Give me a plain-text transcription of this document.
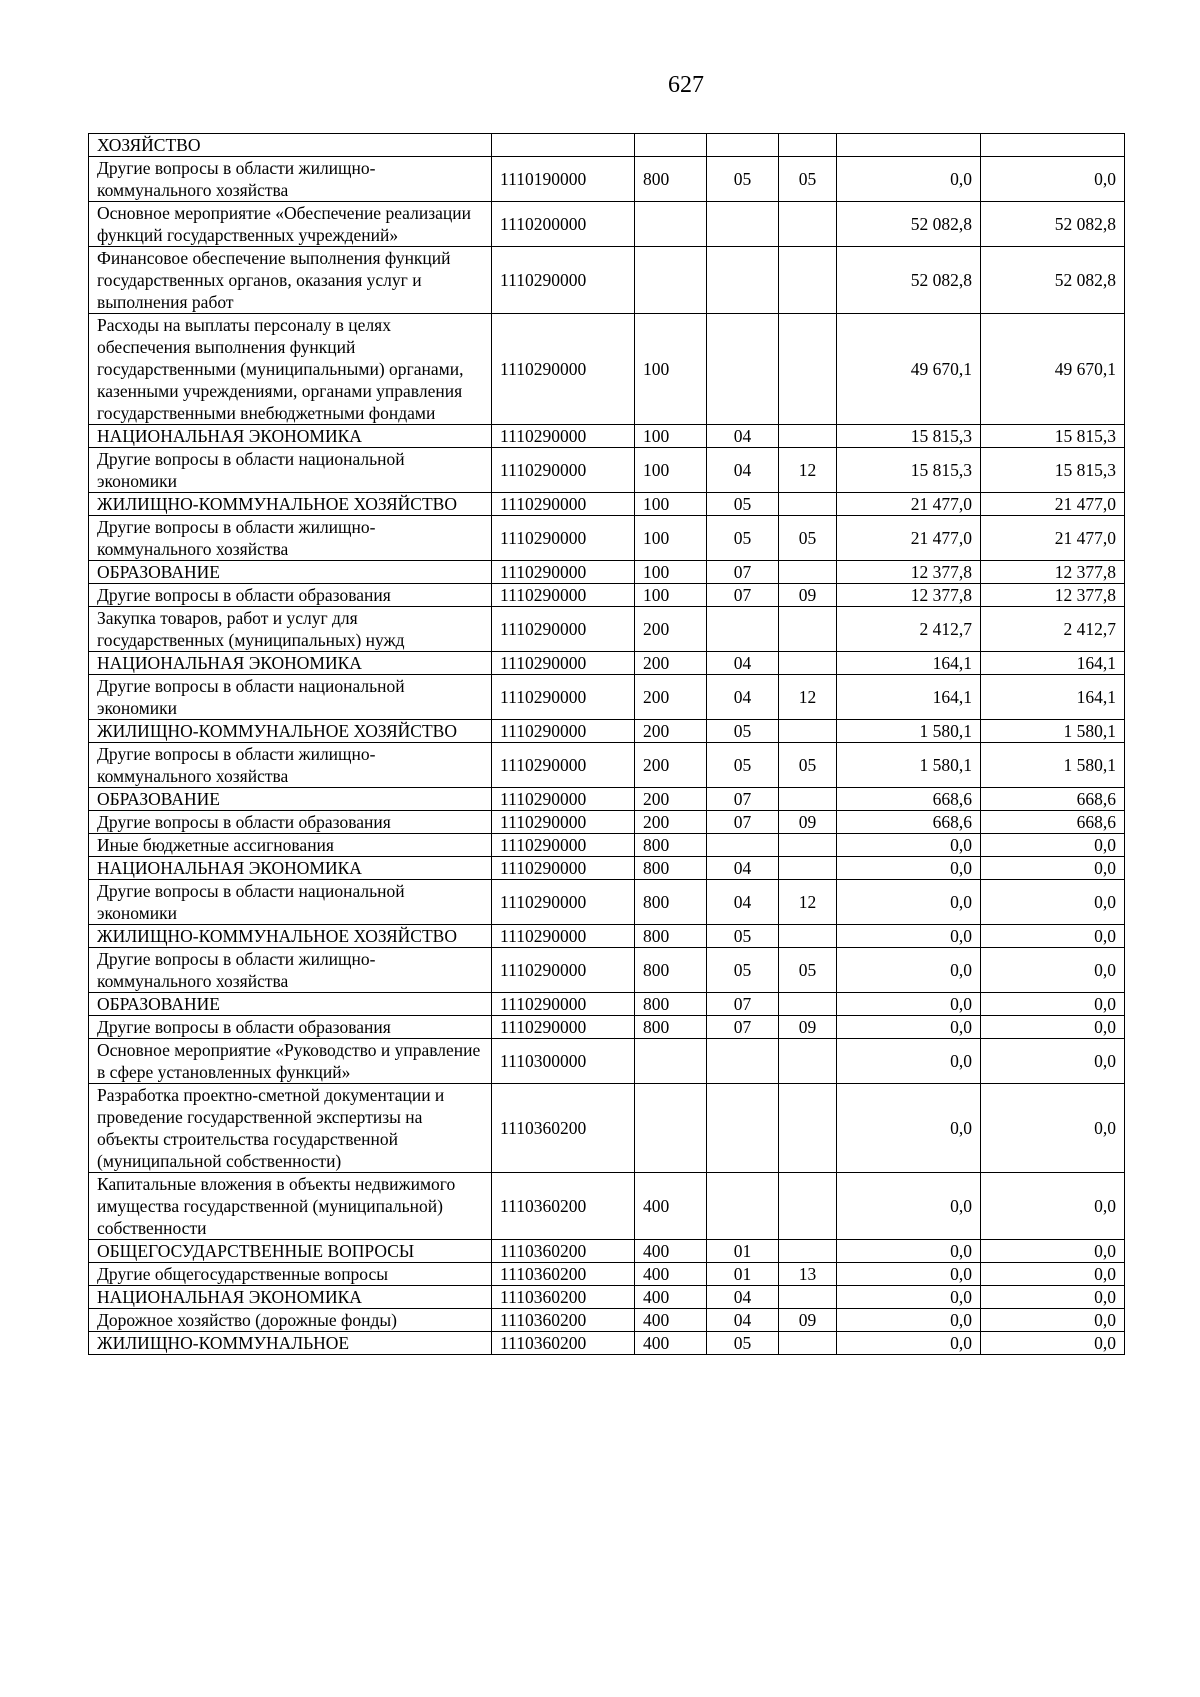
627
ХОЗЯЙСТВО						
Другие вопросы в области жилищно-коммунального хозяйства	1110190000	800	05	05	0,0	0,0
Основное мероприятие «Обеспечение реализации функций государственных учреждений»	1110200000				52 082,8	52 082,8
Финансовое обеспечение выполнения функций государственных органов, оказания услуг и выполнения работ	1110290000				52 082,8	52 082,8
Расходы на выплаты персоналу в целях обеспечения выполнения функций государственными (муниципальными) органами, казенными учреждениями, органами управления государственными внебюджетными фондами	1110290000	100			49 670,1	49 670,1
НАЦИОНАЛЬНАЯ ЭКОНОМИКА	1110290000	100	04		15 815,3	15 815,3
Другие вопросы в области национальной экономики	1110290000	100	04	12	15 815,3	15 815,3
ЖИЛИЩНО-КОММУНАЛЬНОЕ ХОЗЯЙСТВО	1110290000	100	05		21 477,0	21 477,0
Другие вопросы в области жилищно-коммунального хозяйства	1110290000	100	05	05	21 477,0	21 477,0
ОБРАЗОВАНИЕ	1110290000	100	07		12 377,8	12 377,8
Другие вопросы в области образования	1110290000	100	07	09	12 377,8	12 377,8
Закупка товаров, работ и услуг для государственных (муниципальных) нужд	1110290000	200			2 412,7	2 412,7
НАЦИОНАЛЬНАЯ ЭКОНОМИКА	1110290000	200	04		164,1	164,1
Другие вопросы в области национальной экономики	1110290000	200	04	12	164,1	164,1
ЖИЛИЩНО-КОММУНАЛЬНОЕ ХОЗЯЙСТВО	1110290000	200	05		1 580,1	1 580,1
Другие вопросы в области жилищно-коммунального хозяйства	1110290000	200	05	05	1 580,1	1 580,1
ОБРАЗОВАНИЕ	1110290000	200	07		668,6	668,6
Другие вопросы в области образования	1110290000	200	07	09	668,6	668,6
Иные бюджетные ассигнования	1110290000	800			0,0	0,0
НАЦИОНАЛЬНАЯ ЭКОНОМИКА	1110290000	800	04		0,0	0,0
Другие вопросы в области национальной экономики	1110290000	800	04	12	0,0	0,0
ЖИЛИЩНО-КОММУНАЛЬНОЕ ХОЗЯЙСТВО	1110290000	800	05		0,0	0,0
Другие вопросы в области жилищно-коммунального хозяйства	1110290000	800	05	05	0,0	0,0
ОБРАЗОВАНИЕ	1110290000	800	07		0,0	0,0
Другие вопросы в области образования	1110290000	800	07	09	0,0	0,0
Основное мероприятие «Руководство и управление в сфере установленных функций»	1110300000				0,0	0,0
Разработка проектно-сметной документации и проведение государственной экспертизы на объекты строительства государственной (муниципальной собственности)	1110360200				0,0	0,0
Капитальные вложения в объекты недвижимого имущества государственной (муниципальной) собственности	1110360200	400			0,0	0,0
ОБЩЕГОСУДАРСТВЕННЫЕ ВОПРОСЫ	1110360200	400	01		0,0	0,0
Другие общегосударственные вопросы	1110360200	400	01	13	0,0	0,0
НАЦИОНАЛЬНАЯ ЭКОНОМИКА	1110360200	400	04		0,0	0,0
Дорожное хозяйство (дорожные фонды)	1110360200	400	04	09	0,0	0,0
ЖИЛИЩНО-КОММУНАЛЬНОЕ	1110360200	400	05		0,0	0,0
